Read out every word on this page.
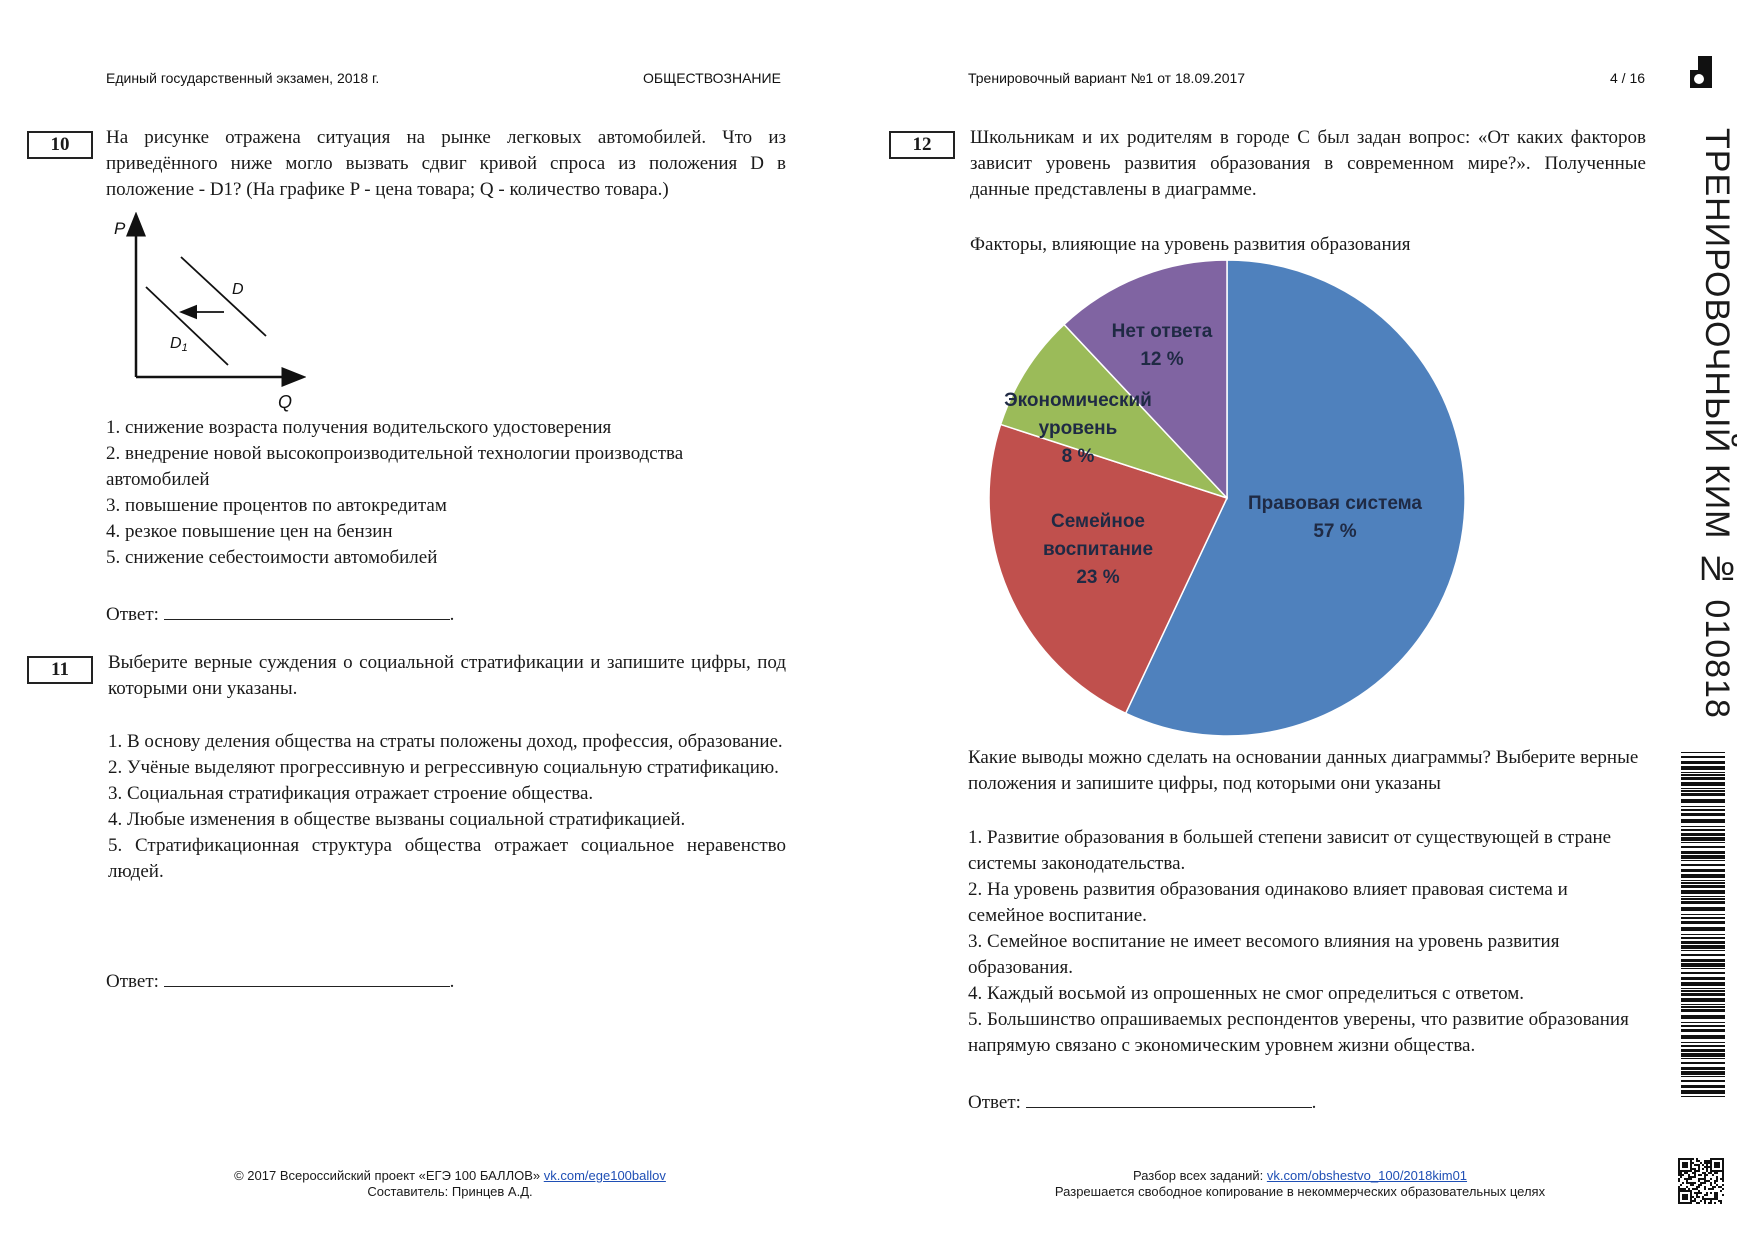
Единый государственный экзамен, 2018 г.	ОБЩЕСТВОЗНАНИЕ	Тренировочный вариант №1 от 18.09.2017	4 / 16
ТРЕНИРОВОЧНЫЙ КИМ № 010818
10	На рисунке отражена ситуация на рынке легковых автомобилей. Что из приведённого ниже могло вызвать сдвиг кривой спроса из положения D в положение - D1? (На графике P - цена товара; Q - количество товара.)
P
Q
D
D1
1. снижение возраста получения водительского удостоверения
2. внедрение новой высокопроизводительной технологии производства автомобилей
3. повышение процентов по автокредитам
4. резкое повышение цен на бензин
5. снижение себестоимости автомобилей
Ответ:	.
11	Выберите верные суждения о социальной стратификации и запишите цифры, под которыми они указаны.
1. В основу деления общества на страты положены доход, профессия, образование.
2. Учёные выделяют прогрессивную и регрессивную социальную стратификацию.
3. Социальная стратификация отражает строение общества.
4. Любые изменения в обществе вызваны социальной стратификацией.
5. Стратификационная структура общества отражает социальное неравенство людей.
Ответ:	.
12	Школьникам и их родителям в городе С был задан вопрос: «От каких факторов зависит уровень развития образования в современном мире?». Полученные данные представлены в диаграмме.
Факторы, влияющие на уровень развития образования
Правовая система 57 %
Семейное воспитание 23 %
Экономический уровень 8 %
Нет ответа 12 %
Какие выводы можно сделать на основании данных диаграммы? Выберите верные положения и запишите цифры, под которыми они указаны
1. Развитие образования в большей степени зависит от существующей в стране системы законодательства.
2. На уровень развития образования одинаково влияет правовая система и семейное воспитание.
3. Семейное воспитание не имеет весомого влияния на уровень развития образования.
4. Каждый восьмой из опрошенных не смог определиться с ответом.
5. Большинство опрашиваемых респондентов уверены, что развитие образования напрямую связано с экономическим уровнем жизни общества.
Ответ:	.
© 2017 Всероссийский проект «ЕГЭ 100 БАЛЛОВ» vk.com/ege100ballov
Составитель: Принцев А.Д.
Разбор всех заданий: vk.com/obshestvo_100/2018kim01
Разрешается свободное копирование в некоммерческих образовательных целях
